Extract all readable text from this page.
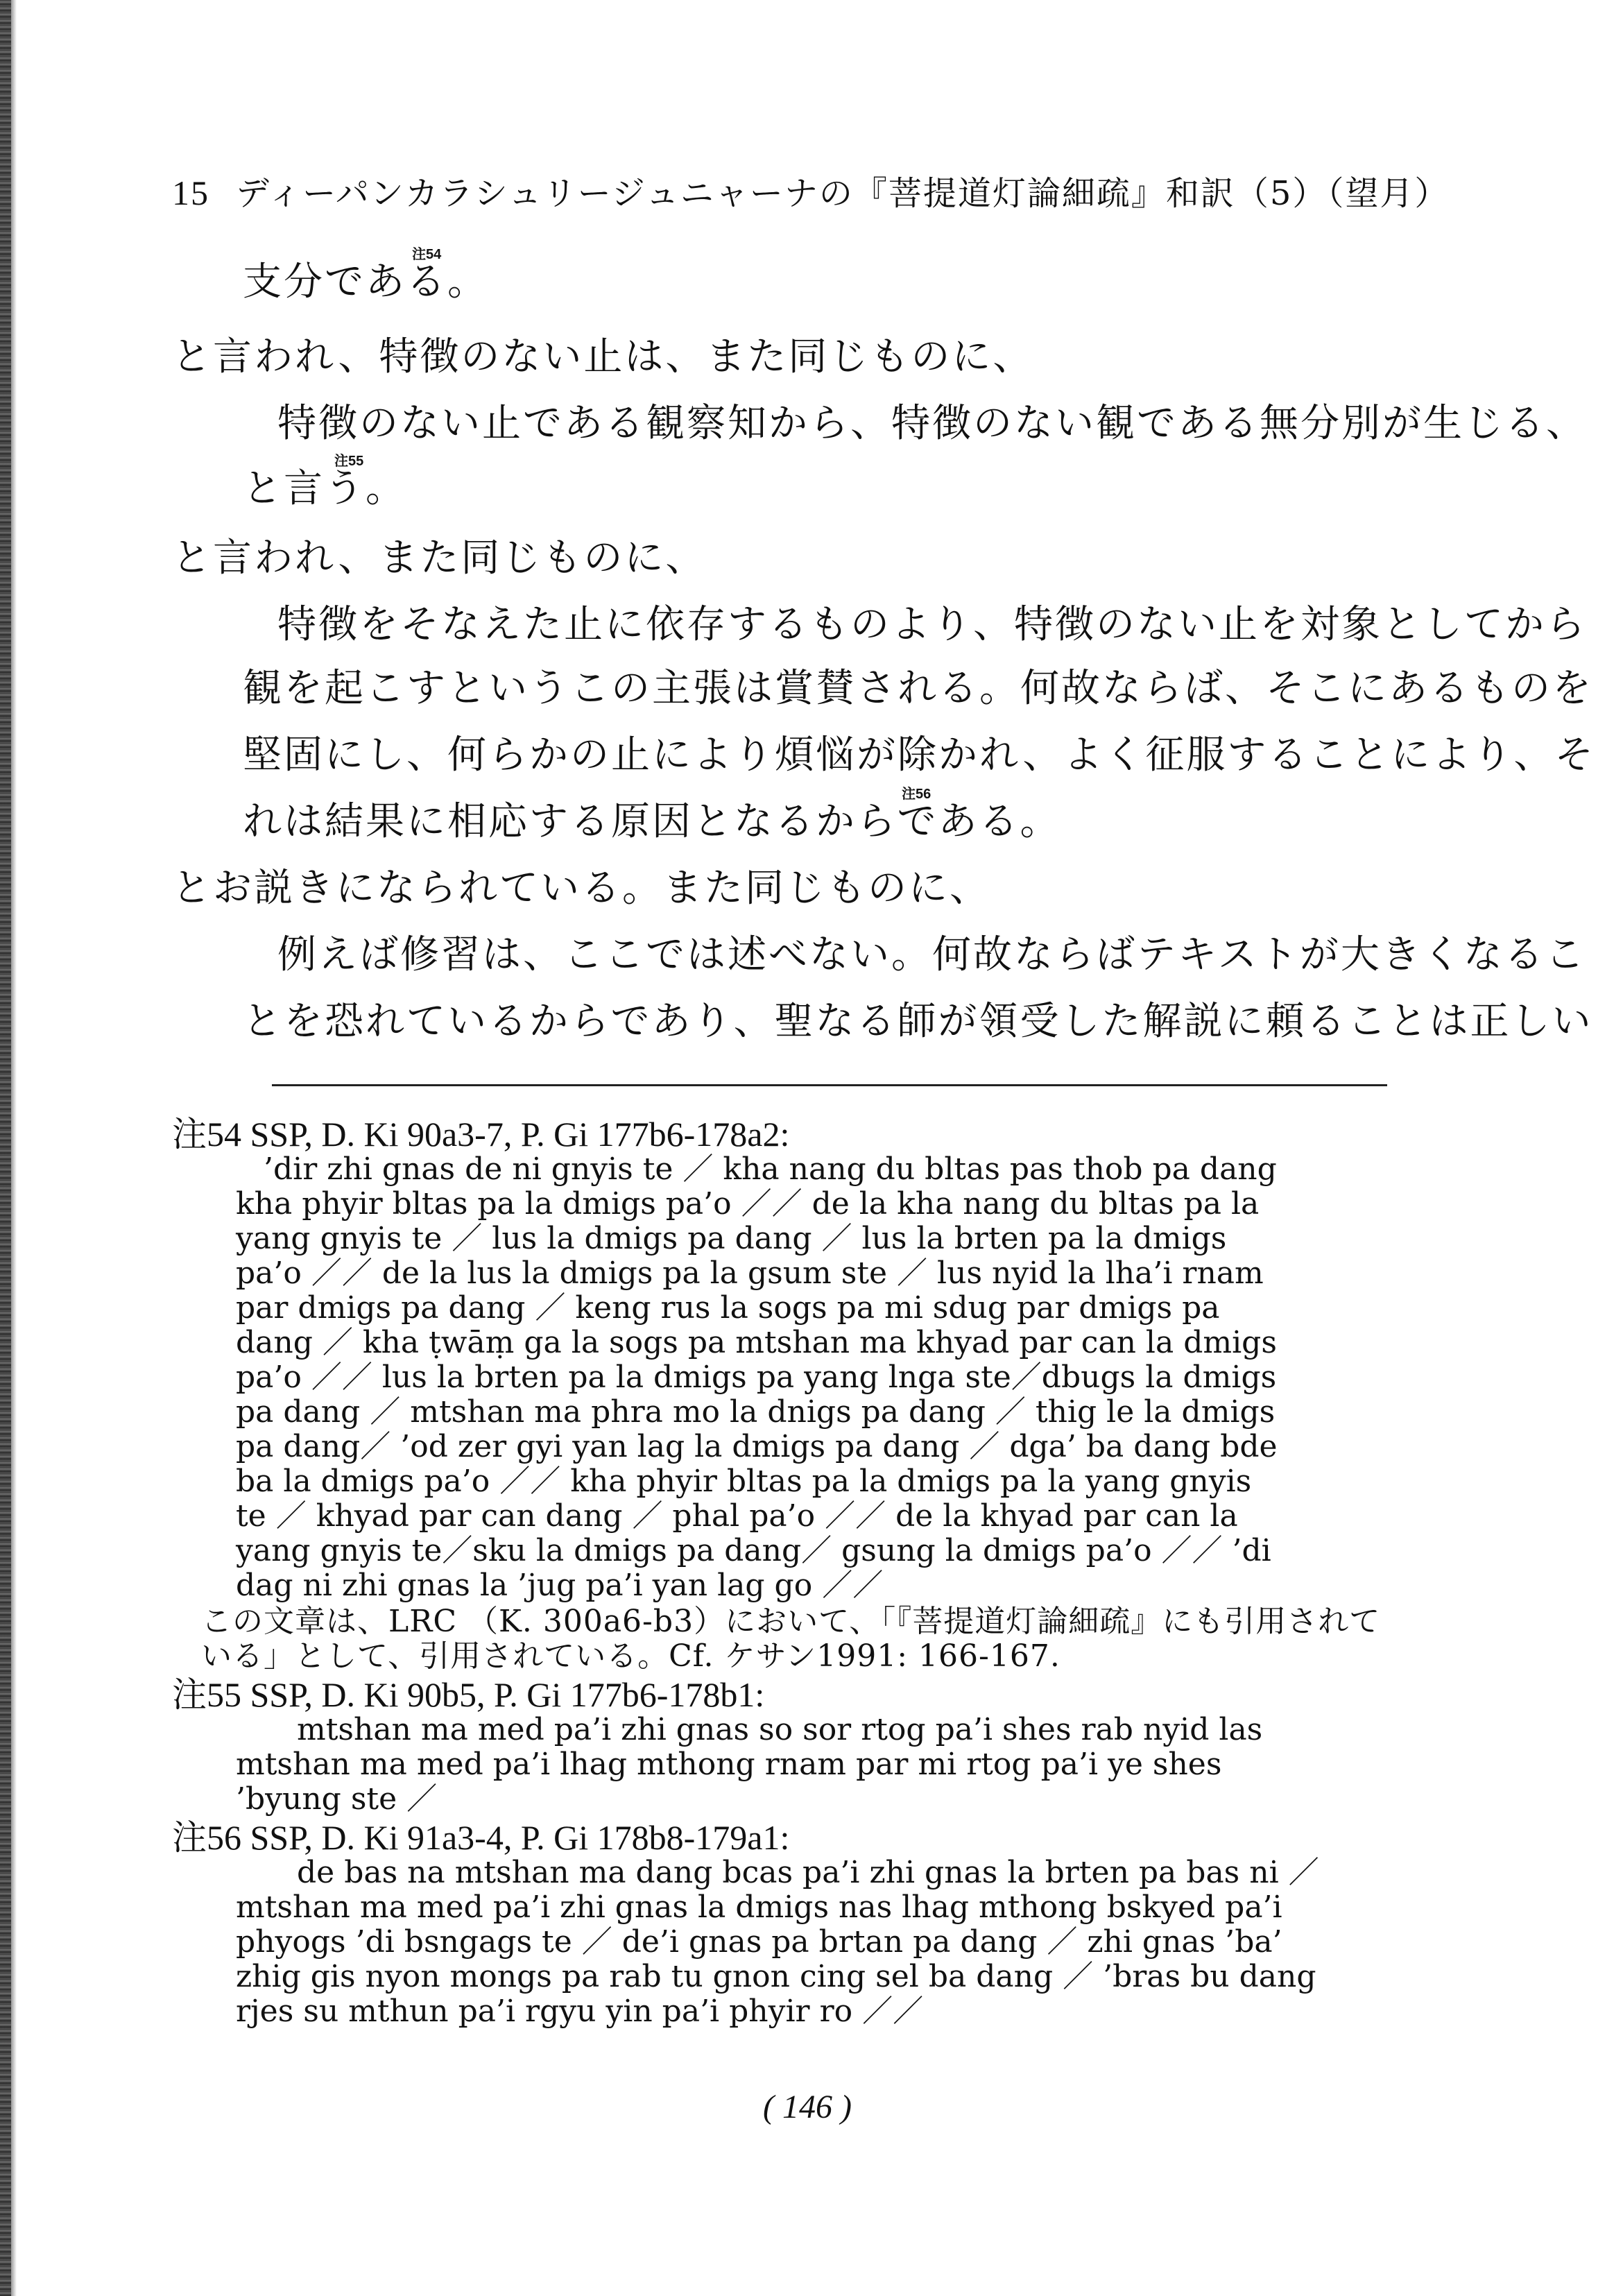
15 ディーパンカラシュリージュニャーナの『菩提道灯論細疏』和訳（5）（望月）
支分である。
と言われ、特徴のない止は、また同じものに、
特徴のない止である観察知から、特徴のない観である無分別が生じる、
と言う。
と言われ、また同じものに、
特徴をそなえた止に依存するものより、特徴のない止を対象としてから
観を起こすというこの主張は賞賛される。何故ならば、そこにあるものを
堅固にし、何らかの止により煩悩が除かれ、よく征服することにより、そ
れは結果に相応する原因となるからである。
とお説きになられている。また同じものに、
例えば修習は、ここでは述べない。何故ならばテキストが大きくなるこ
とを恐れているからであり、聖なる師が領受した解説に頼ることは正しい
注54
注55
注56
注54 SSP, D. Ki 90a3-7, P. Gi 177b6-178a2:
’dir zhi gnas de ni gnyis te ／ kha nang du bltas pas thob pa dang
kha phyir bltas pa la dmigs pa’o ／／ de la kha nang du bltas pa la
yang gnyis te ／ lus la dmigs pa dang ／ lus la brten pa la dmigs
pa’o ／／ de la lus la dmigs pa la gsum ste ／ lus nyid la lha’i rnam
par dmigs pa dang ／ keng rus la sogs pa mi sdug par dmigs pa
dang ／ kha ṭwāṃ ga la sogs pa mtshan ma khyad par can la dmigs
pa’o ／／ lus la brten pa la dmigs pa yang lnga ste／dbugs la dmigs
pa dang ／ mtshan ma phra mo la dnigs pa dang ／ thig le la dmigs
pa dang／ ’od zer gyi yan lag la dmigs pa dang ／ dga’ ba dang bde
ba la dmigs pa’o ／／ kha phyir bltas pa la dmigs pa la yang gnyis
te ／ khyad par can dang ／ phal pa’o ／／ de la khyad par can la
yang gnyis te／sku la dmigs pa dang／ gsung la dmigs pa’o ／／ ’di
dag ni zhi gnas la ’jug pa’i yan lag go ／／
この文章は、LRC （K. 300a6-b3）において、「『菩提道灯論細疏』にも引用されて
いる」として、引用されている。Cf. ケサン1991: 166-167.
注55 SSP, D. Ki 90b5, P. Gi 177b6-178b1:
mtshan ma med pa’i zhi gnas so sor rtog pa’i shes rab nyid las
mtshan ma med pa’i lhag mthong rnam par mi rtog pa’i ye shes
’byung ste ／
注56 SSP, D. Ki 91a3-4, P. Gi 178b8-179a1:
de bas na mtshan ma dang bcas pa’i zhi gnas la brten pa bas ni ／
mtshan ma med pa’i zhi gnas la dmigs nas lhag mthong bskyed pa’i
phyogs ’di bsngags te ／ de’i gnas pa brtan pa dang ／ zhi gnas ’ba’
zhig gis nyon mongs pa rab tu gnon cing sel ba dang ／ ’bras bu dang
rjes su mthun pa’i rgyu yin pa’i phyir ro ／／
( 146 )
